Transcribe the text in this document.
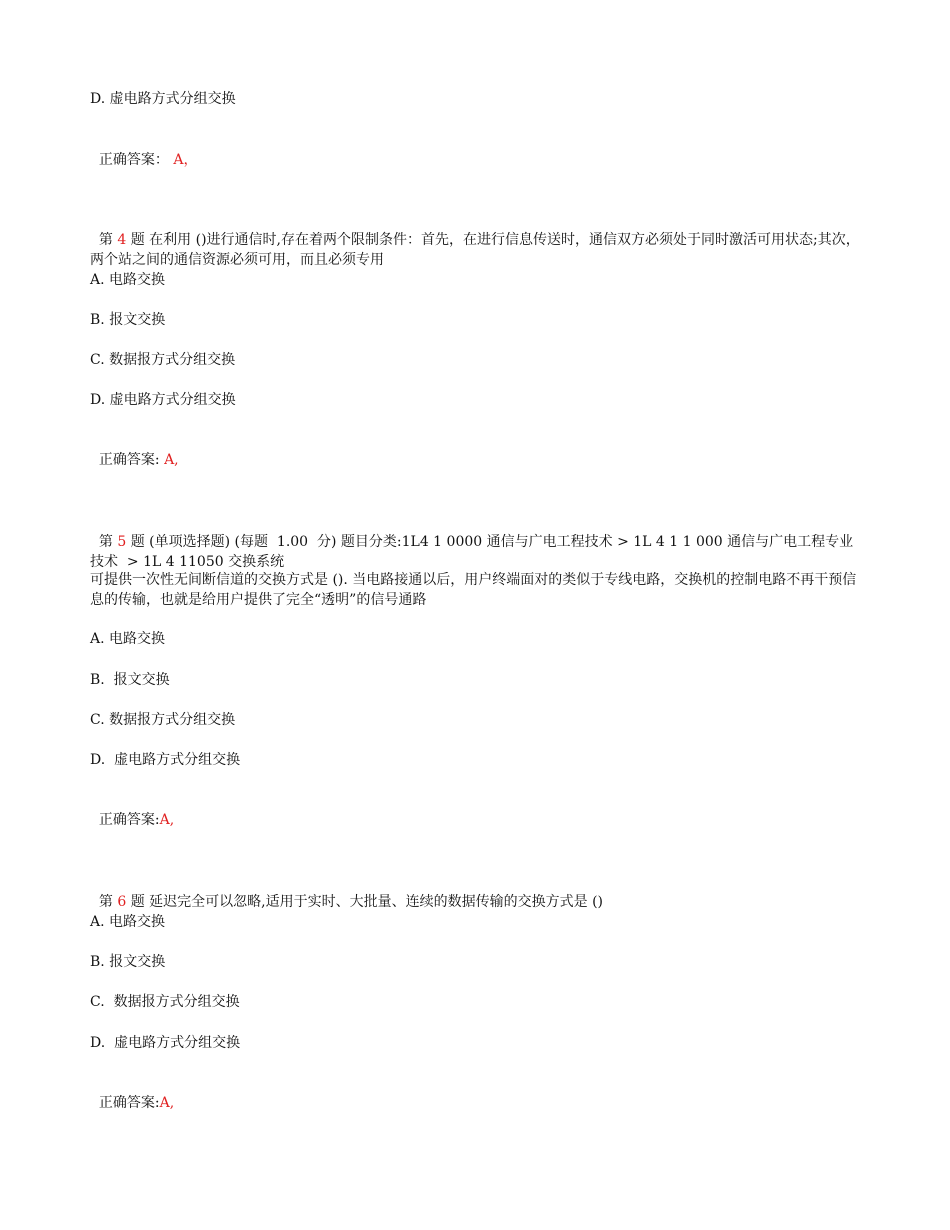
D. 虚电路方式分组交换

正确答案： A，

第 4 题 在利用 ()进行通信时,存在着两个限制条件：首先，在进行信息传送时，通信双方必须处于同时激活可用状态;其次，两个站之间的通信资源必须可用，而且必须专用

A. 电路交换

B. 报文交换

C. 数据报方式分组交换

D. 虚电路方式分组交换

正确答案: A,

第 5 题 (单项选择题) (每题  1.00  分) 题目分类:1L4 1 0000 通信与广电工程技术 > 1L 4 1 1 000 通信与广电工程专业技术  > 1L 4 11050 交换系统

可提供一次性无间断信道的交换方式是 (). 当电路接通以后，用户终端面对的类似于专线电路，交换机的控制电路不再干预信息的传输，也就是给用户提供了完全“透明”的信号通路

A. 电路交换

B.  报文交换

C. 数据报方式分组交换

D.  虚电路方式分组交换

正确答案:A,

第 6 题 延迟完全可以忽略,适用于实时、大批量、连续的数据传输的交换方式是 ()

A. 电路交换

B. 报文交换

C.  数据报方式分组交换

D.  虚电路方式分组交换

正确答案:A,
